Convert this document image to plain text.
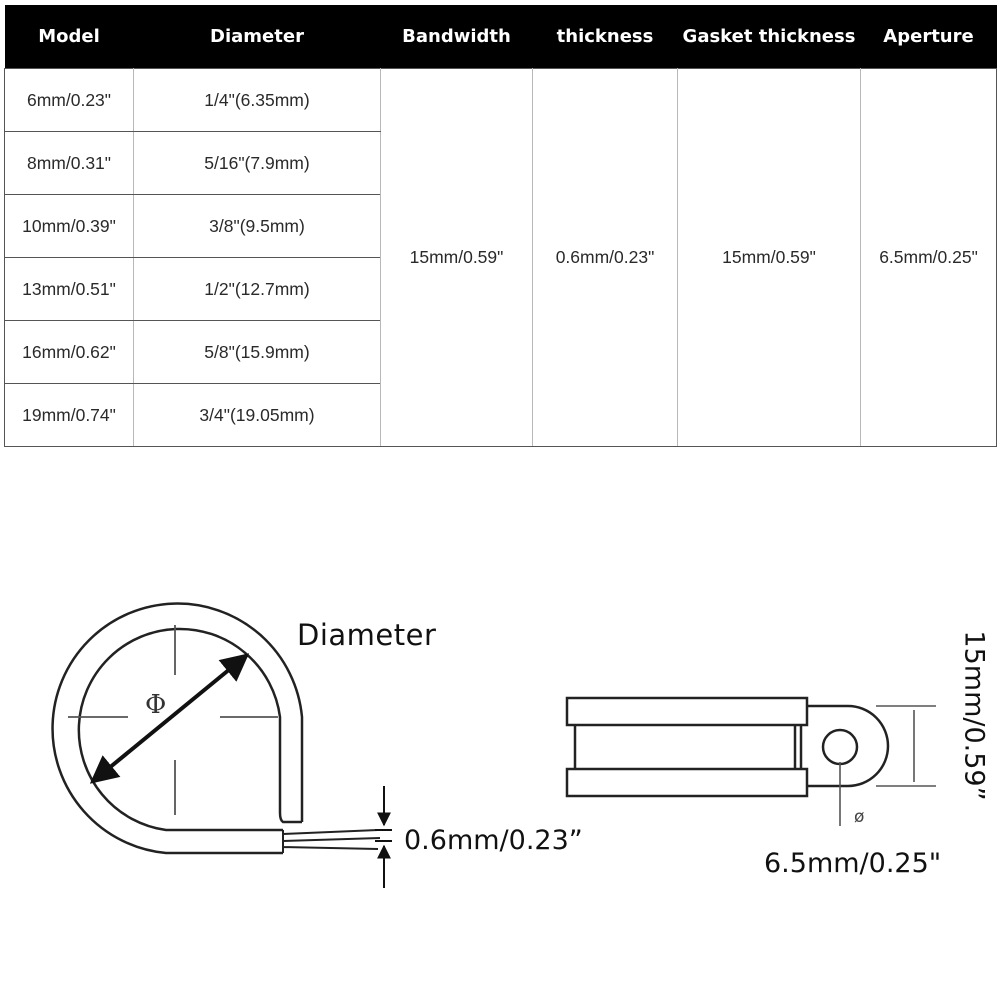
Model	Diameter	Bandwidth	thickness	Gasket thickness	Aperture
6mm/0.23"	1/4"(6.35mm)	15mm/0.59"	0.6mm/0.23"	15mm/0.59"	6.5mm/0.25"
8mm/0.31"	5/16"(7.9mm)				
10mm/0.39"	3/8"(9.5mm)				
13mm/0.51"	1/2"(12.7mm)				
16mm/0.62"	5/8"(15.9mm)				
19mm/0.74"	3/4"(19.05mm)				
Φ
ø
Diameter
0.6mm/0.23”
6.5mm/0.25"
15mm/0.59”
